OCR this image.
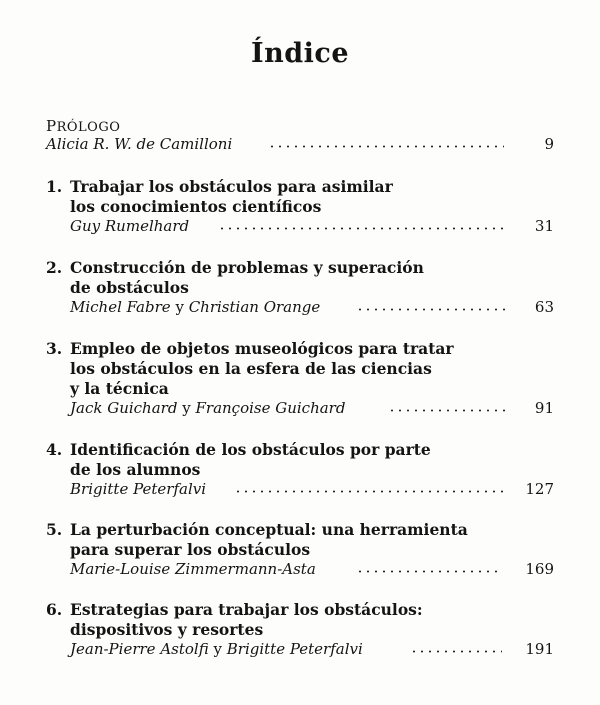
Índice
PRÓLOGO
Alicia R. W. de Camilloni	9
1. Trabajar los obstáculos para asimilar
los conocimientos científicos
Guy Rumelhard	31
2. Construcción de problemas y superación
de obstáculos
Michel Fabre y Christian Orange	63
3. Empleo de objetos museológicos para tratar
los obstáculos en la esfera de las ciencias
y la técnica
Jack Guichard y Françoise Guichard	91
4. Identificación de los obstáculos por parte
de los alumnos
Brigitte Peterfalvi	127
5. La perturbación conceptual: una herramienta
para superar los obstáculos
Marie-Louise Zimmermann-Asta	169
6. Estrategias para trabajar los obstáculos:
dispositivos y resortes
Jean-Pierre Astolfi y Brigitte Peterfalvi	191
